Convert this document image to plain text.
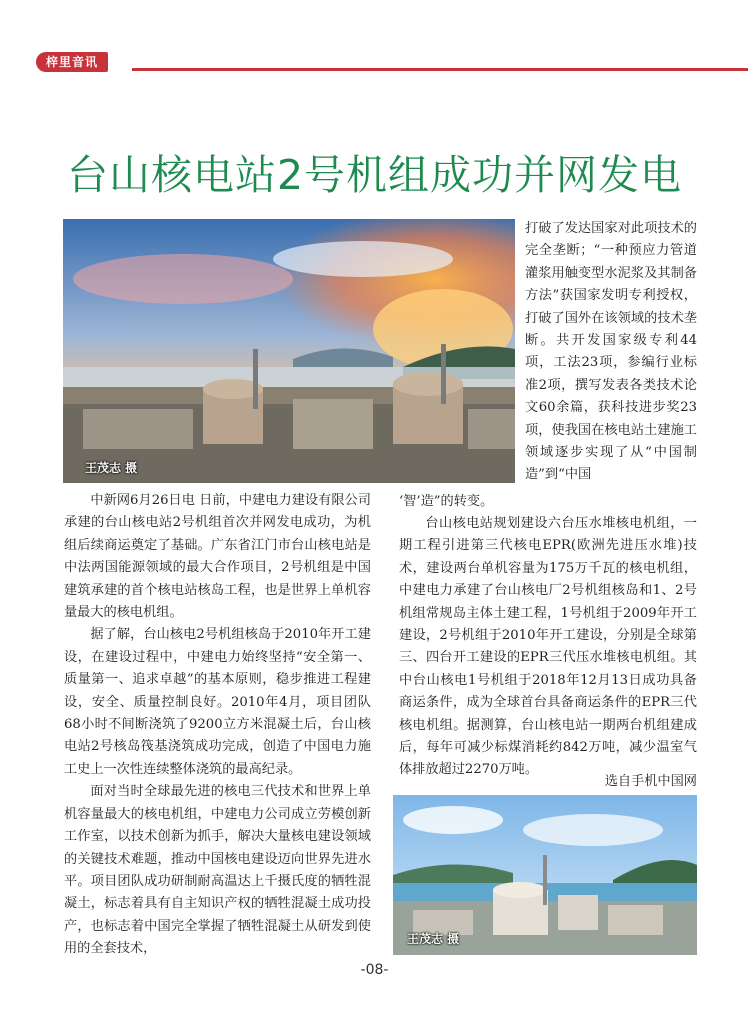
梓里音讯
台山核电站2号机组成功并网发电
王茂志 摄

打破了发达国家对此项技术的完全垄断；“一种预应力管道灌浆用触变型水泥浆及其制备方法”获国家发明专利授权，打破了国外在该领域的技术垄断。共开发国家级专利44项，工法23项，参编行业标准2项，撰写发表各类技术论文60余篇，获科技进步奖23项，使我国在核电站土建施工领域逐步实现了从“中国制造”到“中国

中新网6月26日电 日前，中建电力建设有限公司承建的台山核电站2号机组首次并网发电成功，为机组后续商运奠定了基础。广东省江门市台山核电站是中法两国能源领域的最大合作项目，2号机组是中国建筑承建的首个核电站核岛工程，也是世界上单机容量最大的核电机组。

据了解，台山核电2号机组核岛于2010年开工建设，在建设过程中，中建电力始终坚持“安全第一、质量第一、追求卓越”的基本原则，稳步推进工程建设，安全、质量控制良好。2010年4月，项目团队68小时不间断浇筑了9200立方米混凝土后，台山核电站2号核岛筏基浇筑成功完成，创造了中国电力施工史上一次性连续整体浇筑的最高纪录。

面对当时全球最先进的核电三代技术和世界上单机容量最大的核电机组，中建电力公司成立劳模创新工作室，以技术创新为抓手，解决大量核电建设领域的关键技术难题，推动中国核电建设迈向世界先进水平。项目团队成功研制耐高温达上千摄氏度的牺牲混凝土，标志着具有自主知识产权的牺牲混凝土成功投产，也标志着中国完全掌握了牺牲混凝土从研发到使用的全套技术，

‘智’造”的转变。

台山核电站规划建设六台压水堆核电机组，一期工程引进第三代核电EPR(欧洲先进压水堆)技术，建设两台单机容量为175万千瓦的核电机组，中建电力承建了台山核电厂2号机组核岛和1、2号机组常规岛主体土建工程，1号机组于2009年开工建设，2号机组于2010年开工建设，分别是全球第三、四台开工建设的EPR三代压水堆核电机组。其中台山核电1号机组于2018年12月13日成功具备商运条件，成为全球首台具备商运条件的EPR三代核电机组。据测算，台山核电站一期两台机组建成后，每年可减少标煤消耗约842万吨，减少温室气体排放超过2270万吨。

选自手机中国网
王茂志 摄
-08-
